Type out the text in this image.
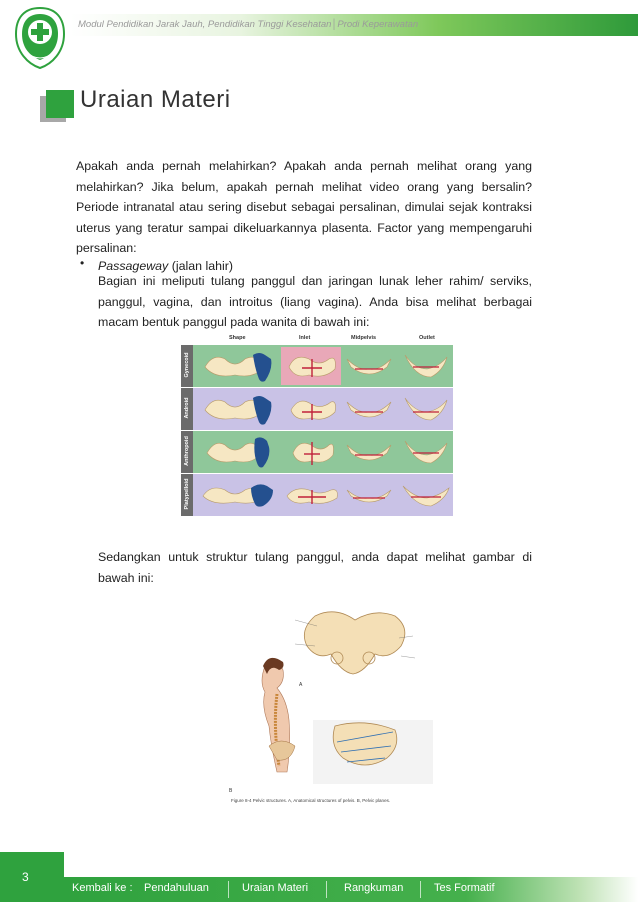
Modul Pendidikan Jarak Jauh, Pendidikan Tinggi Kesehatan│Prodi Keperawatan
Uraian Materi
Apakah anda pernah melahirkan? Apakah anda pernah melihat orang yang melahirkan? Jika belum, apakah pernah melihat video orang yang bersalin? Periode intranatal atau sering disebut sebagai persalinan, dimulai sejak kontraksi uterus yang teratur sampai dikeluarkannya plasenta. Factor yang mempengaruhi persalinan:
• Passageway (jalan lahir)
Bagian ini meliputi tulang panggul dan jaringan lunak leher rahim/ serviks, panggul, vagina, dan introitus (liang vagina). Anda bisa melihat berbagai macam bentuk panggul pada wanita di bawah ini:
Shape	Inlet	Midpelvis	Outlet
Gynecoid
Android
Anthropoid
Platypelloid
Sedangkan untuk struktur tulang panggul, anda dapat melihat gambar di bawah ini:
A
B
Figure 8-4 Pelvic structures. A, Anatomical structures of pelvis. B, Pelvic planes.
3
Kembali ke : Pendahuluan	Uraian Materi	Rangkuman	Tes Formatif
